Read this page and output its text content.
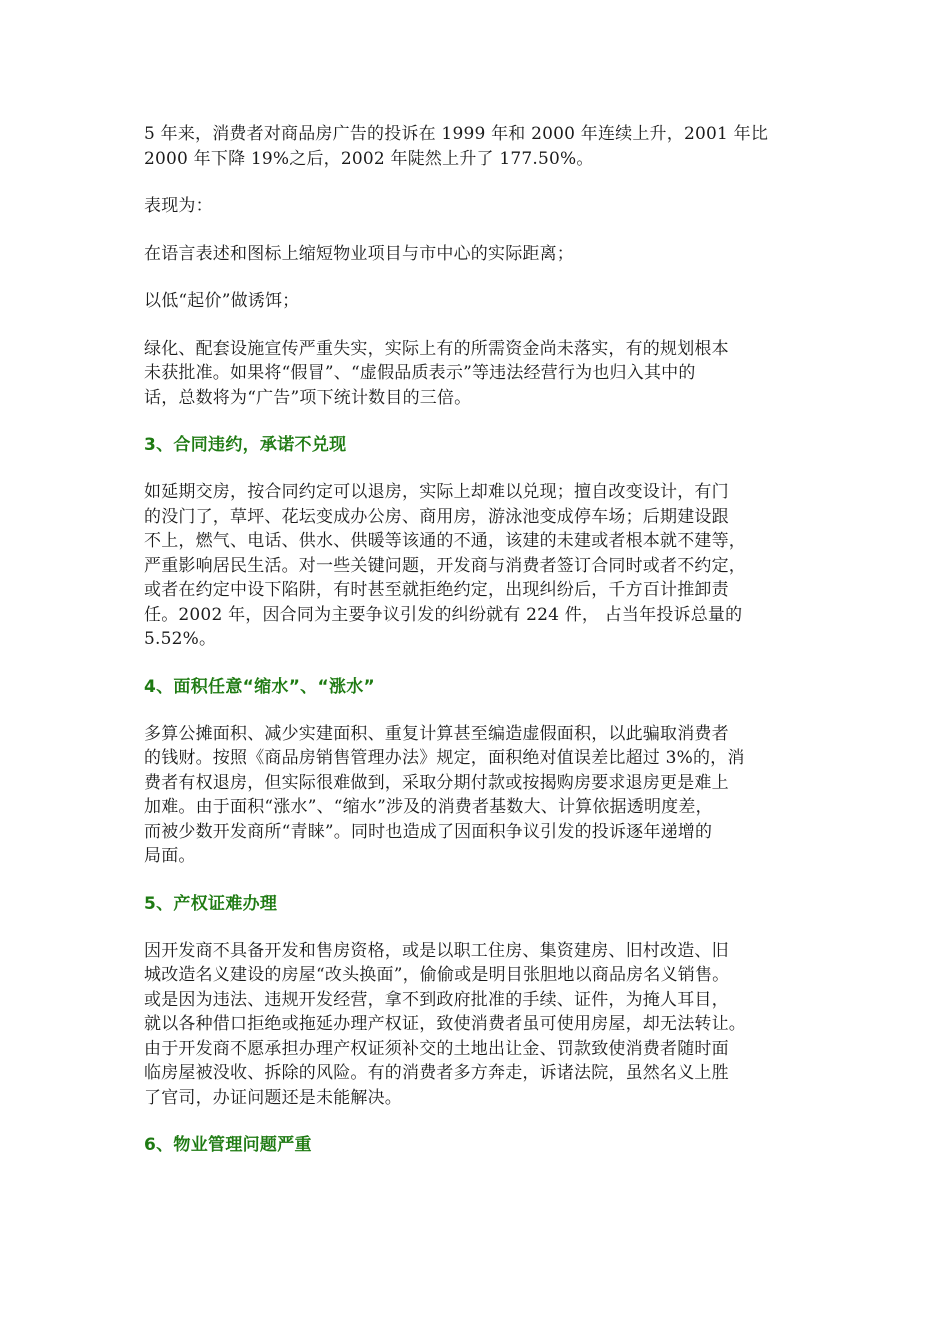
5 年来，消费者对商品房广告的投诉在 1999 年和 2000 年连续上升，2001 年比
2000 年下降 19%之后，2002 年陡然上升了 177.50%。

表现为：

在语言表述和图标上缩短物业项目与市中心的实际距离；

以低“起价”做诱饵；

绿化、配套设施宣传严重失实，实际上有的所需资金尚未落实，有的规划根本
未获批准。如果将“假冒”、“虚假品质表示”等违法经营行为也归入其中的
话，总数将为“广告”项下统计数目的三倍。

3、合同违约，承诺不兑现

如延期交房，按合同约定可以退房，实际上却难以兑现；擅自改变设计，有门
的没门了，草坪、花坛变成办公房、商用房，游泳池变成停车场；后期建设跟
不上，燃气、电话、供水、供暖等该通的不通，该建的未建或者根本就不建等，
严重影响居民生活。对一些关键问题，开发商与消费者签订合同时或者不约定，
或者在约定中设下陷阱，有时甚至就拒绝约定，出现纠纷后，千方百计推卸责
任。2002 年，因合同为主要争议引发的纠纷就有 224 件， 占当年投诉总量的
5.52%。

4、面积任意“缩水”、“涨水”

多算公摊面积、减少实建面积、重复计算甚至编造虚假面积，以此骗取消费者
的钱财。按照《商品房销售管理办法》规定，面积绝对值误差比超过 3%的，消
费者有权退房，但实际很难做到，采取分期付款或按揭购房要求退房更是难上
加难。由于面积“涨水”、“缩水”涉及的消费者基数大、计算依据透明度差，
而被少数开发商所“青睐”。同时也造成了因面积争议引发的投诉逐年递增的
局面。

5、产权证难办理

因开发商不具备开发和售房资格，或是以职工住房、集资建房、旧村改造、旧
城改造名义建设的房屋“改头换面”，偷偷或是明目张胆地以商品房名义销售。
或是因为违法、违规开发经营，拿不到政府批准的手续、证件，为掩人耳目，
就以各种借口拒绝或拖延办理产权证，致使消费者虽可使用房屋，却无法转让。
由于开发商不愿承担办理产权证须补交的土地出让金、罚款致使消费者随时面
临房屋被没收、拆除的风险。有的消费者多方奔走，诉诸法院，虽然名义上胜
了官司，办证问题还是未能解决。

6、物业管理问题严重
